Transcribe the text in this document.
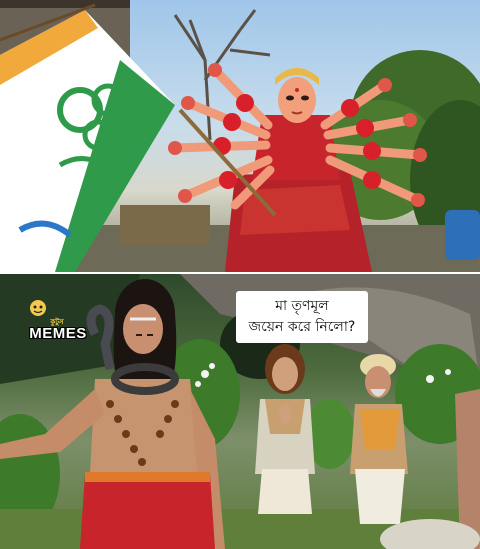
মা তৃণমূল
জয়েন করে নিলো?
কুটুস
MEMES
